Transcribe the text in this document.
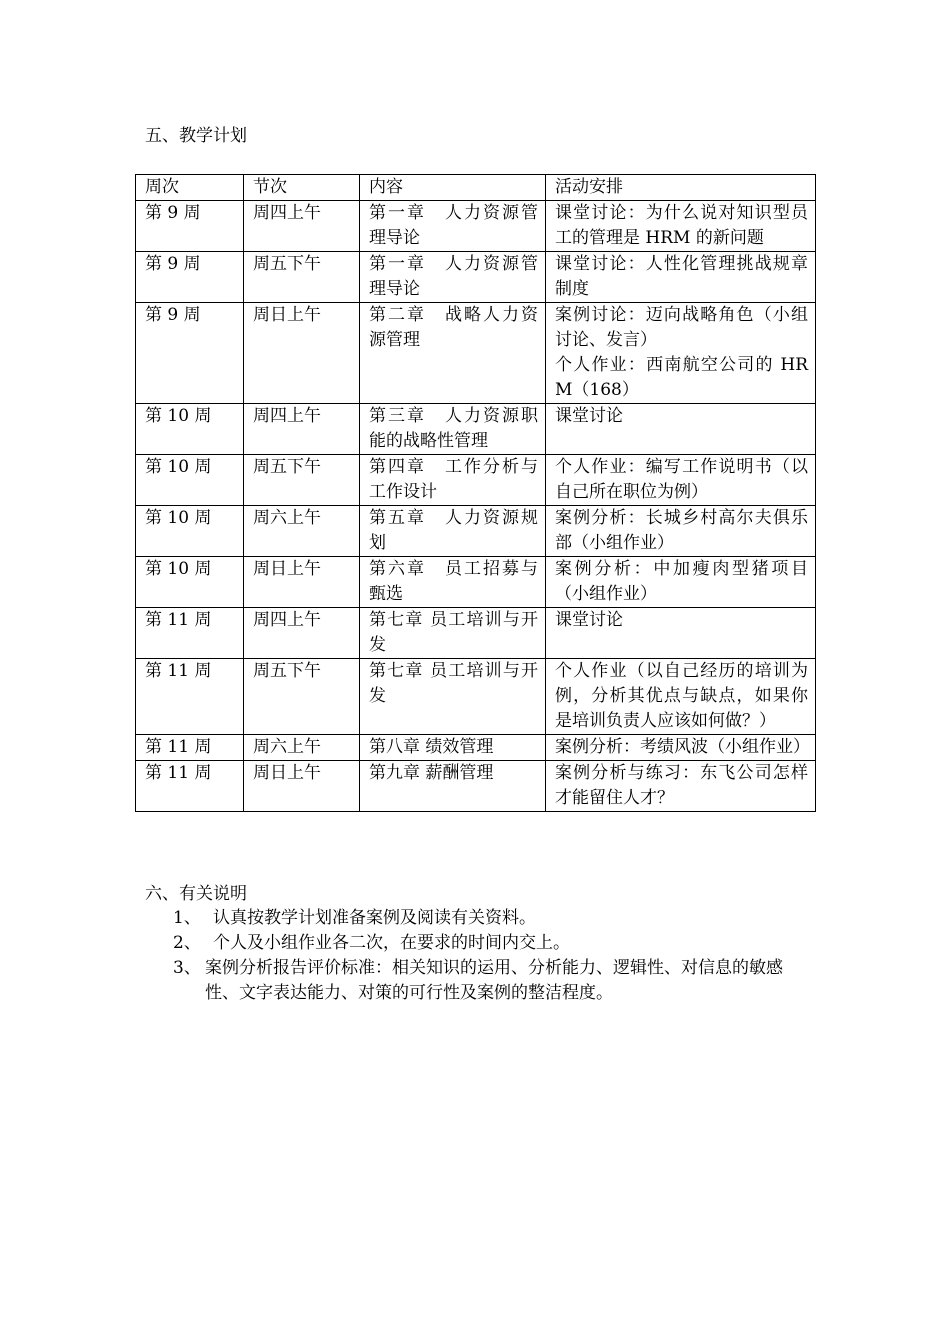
五、教学计划
周次	节次	内容	活动安排
第 9 周	周四上午	第一章　人力资源管理导论	课堂讨论：为什么说对知识型员工的管理是 HRM 的新问题

第 9 周	周五下午	第一章　人力资源管理导论	课堂讨论：人性化管理挑战规章制度

第 9 周	周日上午	第二章　战略人力资源管理	案例讨论：迈向战略角色（小组讨论、发言）
个人作业：西南航空公司的 HRM（168）

第 10 周	周四上午	第三章　人力资源职能的战略性管理	课堂讨论

第 10 周	周五下午	第四章　工作分析与工作设计	个人作业：编写工作说明书（以自己所在职位为例）

第 10 周	周六上午	第五章　人力资源规划	案例分析：长城乡村高尔夫俱乐部（小组作业）

第 10 周	周日上午	第六章　员工招募与甄选	案例分析：中加瘦肉型猪项目（小组作业）

第 11 周	周四上午	第七章 员工培训与开发	课堂讨论

第 11 周	周五下午	第七章 员工培训与开发	个人作业（以自己经历的培训为例，分析其优点与缺点，如果你是培训负责人应该如何做？）

第 11 周	周六上午	第八章 绩效管理	案例分析：考绩风波（小组作业）

第 11 周	周日上午	第九章 薪酬管理	案例分析与练习：东飞公司怎样才能留住人才？
六、有关说明
1、 认真按教学计划准备案例及阅读有关资料。
2、 个人及小组作业各二次，在要求的时间内交上。
3、 案例分析报告评价标准：相关知识的运用、分析能力、逻辑性、对信息的敏感性、文字表达能力、对策的可行性及案例的整洁程度。
